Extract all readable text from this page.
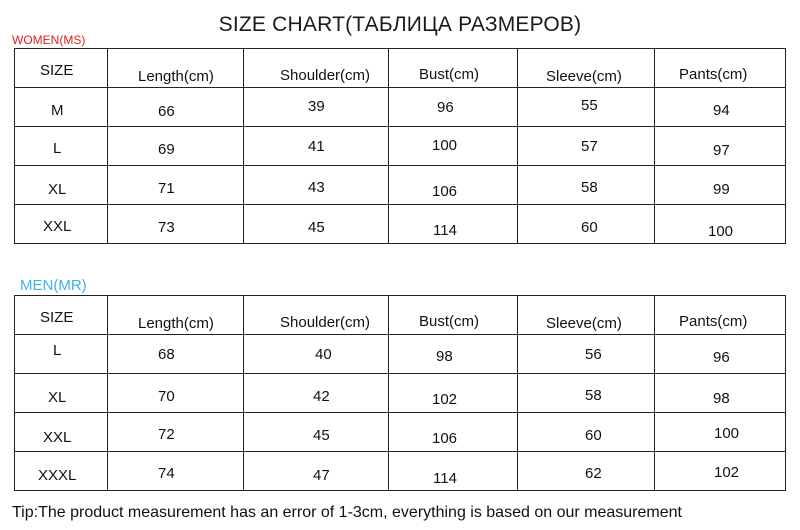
SIZE CHART(ТАБЛИЦА РАЗМЕРОВ)
WOMEN(MS)
SIZE	Length(cm)	Shoulder(cm)	Bust(cm)	Sleeve(cm)	Pants(cm)

M	66	39	96	55	94

L	69	41	100	57	97

XL	71	43	106	58	99

XXL	73	45	114	60	100
MEN(MR)
SIZE	Length(cm)	Shoulder(cm)	Bust(cm)	Sleeve(cm)	Pants(cm)

L	68	40	98	56	96

XL	70	42	102	58	98

XXL	72	45	106	60	100

XXXL	74	47	114	62	102
Tip:The product measurement has an error of 1-3cm, everything is based on our measurement
